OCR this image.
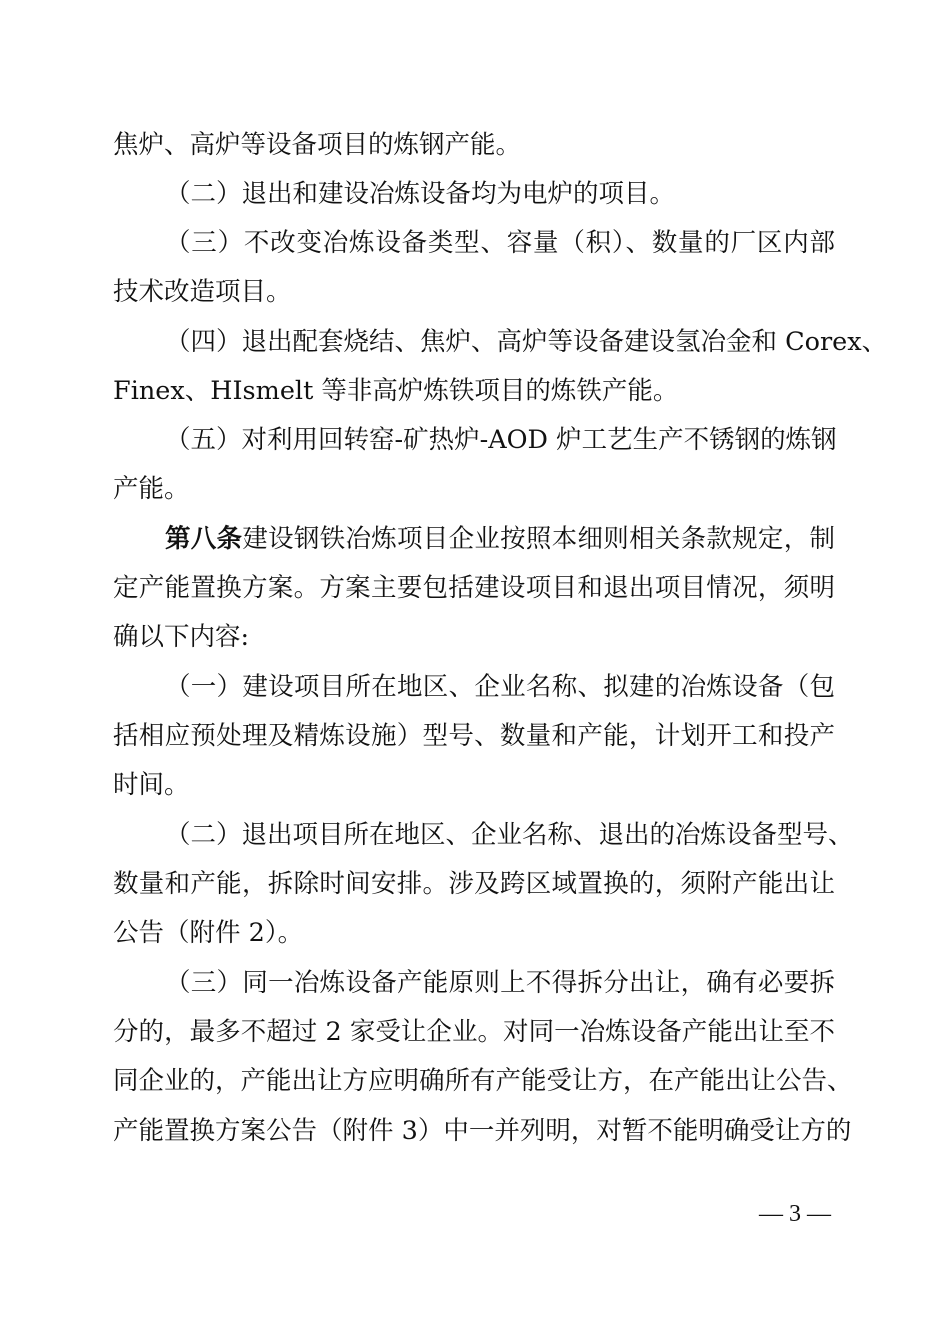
焦炉、高炉等设备项目的炼钢产能。
（二）退出和建设冶炼设备均为电炉的项目。
（三）不改变冶炼设备类型、容量（积）、数量的厂区内部
技术改造项目。
（四）退出配套烧结、焦炉、高炉等设备建设氢冶金和 Corex、
Finex、HIsmelt 等非高炉炼铁项目的炼铁产能。
（五）对利用回转窑-矿热炉-AOD 炉工艺生产不锈钢的炼钢
产能。
第八条建设钢铁冶炼项目企业按照本细则相关条款规定，制
定产能置换方案。方案主要包括建设项目和退出项目情况，须明
确以下内容:
（一）建设项目所在地区、企业名称、拟建的冶炼设备（包
括相应预处理及精炼设施）型号、数量和产能，计划开工和投产
时间。
（二）退出项目所在地区、企业名称、退出的冶炼设备型号、
数量和产能，拆除时间安排。涉及跨区域置换的，须附产能出让
公告（附件 2）。
（三）同一冶炼设备产能原则上不得拆分出让，确有必要拆
分的，最多不超过 2 家受让企业。对同一冶炼设备产能出让至不
同企业的，产能出让方应明确所有产能受让方，在产能出让公告、
产能置换方案公告（附件 3）中一并列明，对暂不能明确受让方的
— 3 —
